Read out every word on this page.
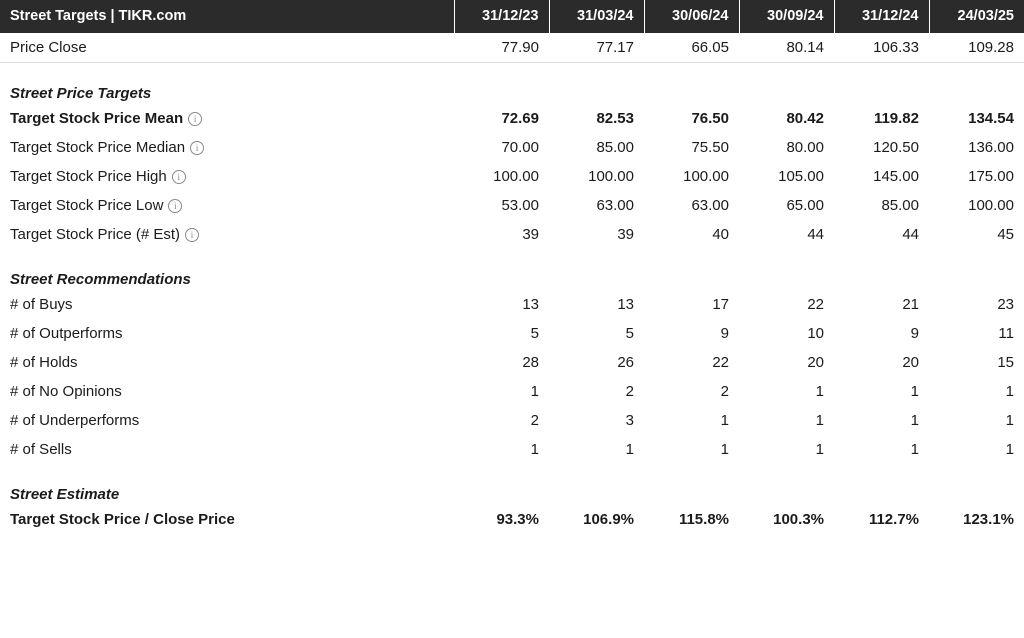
Street Targets | TIKR.com	31/12/23	31/03/24	30/06/24	30/09/24	31/12/24	24/03/25
Price Close	77.90	77.17	66.05	80.14	106.33	109.28

Street Price Targets						
Target Stock Price Mean i	72.69	82.53	76.50	80.42	119.82	134.54
Target Stock Price Median i	70.00	85.00	75.50	80.00	120.50	136.00
Target Stock Price High i	100.00	100.00	100.00	105.00	145.00	175.00
Target Stock Price Low i	53.00	63.00	63.00	65.00	85.00	100.00
Target Stock Price (# Est) i	39	39	40	44	44	45

Street Recommendations						
# of Buys	13	13	17	22	21	23
# of Outperforms	5	5	9	10	9	11
# of Holds	28	26	22	20	20	15
# of No Opinions	1	2	2	1	1	1
# of Underperforms	2	3	1	1	1	1
# of Sells	1	1	1	1	1	1

Street Estimate						
Target Stock Price / Close Price	93.3%	106.9%	115.8%	100.3%	112.7%	123.1%
